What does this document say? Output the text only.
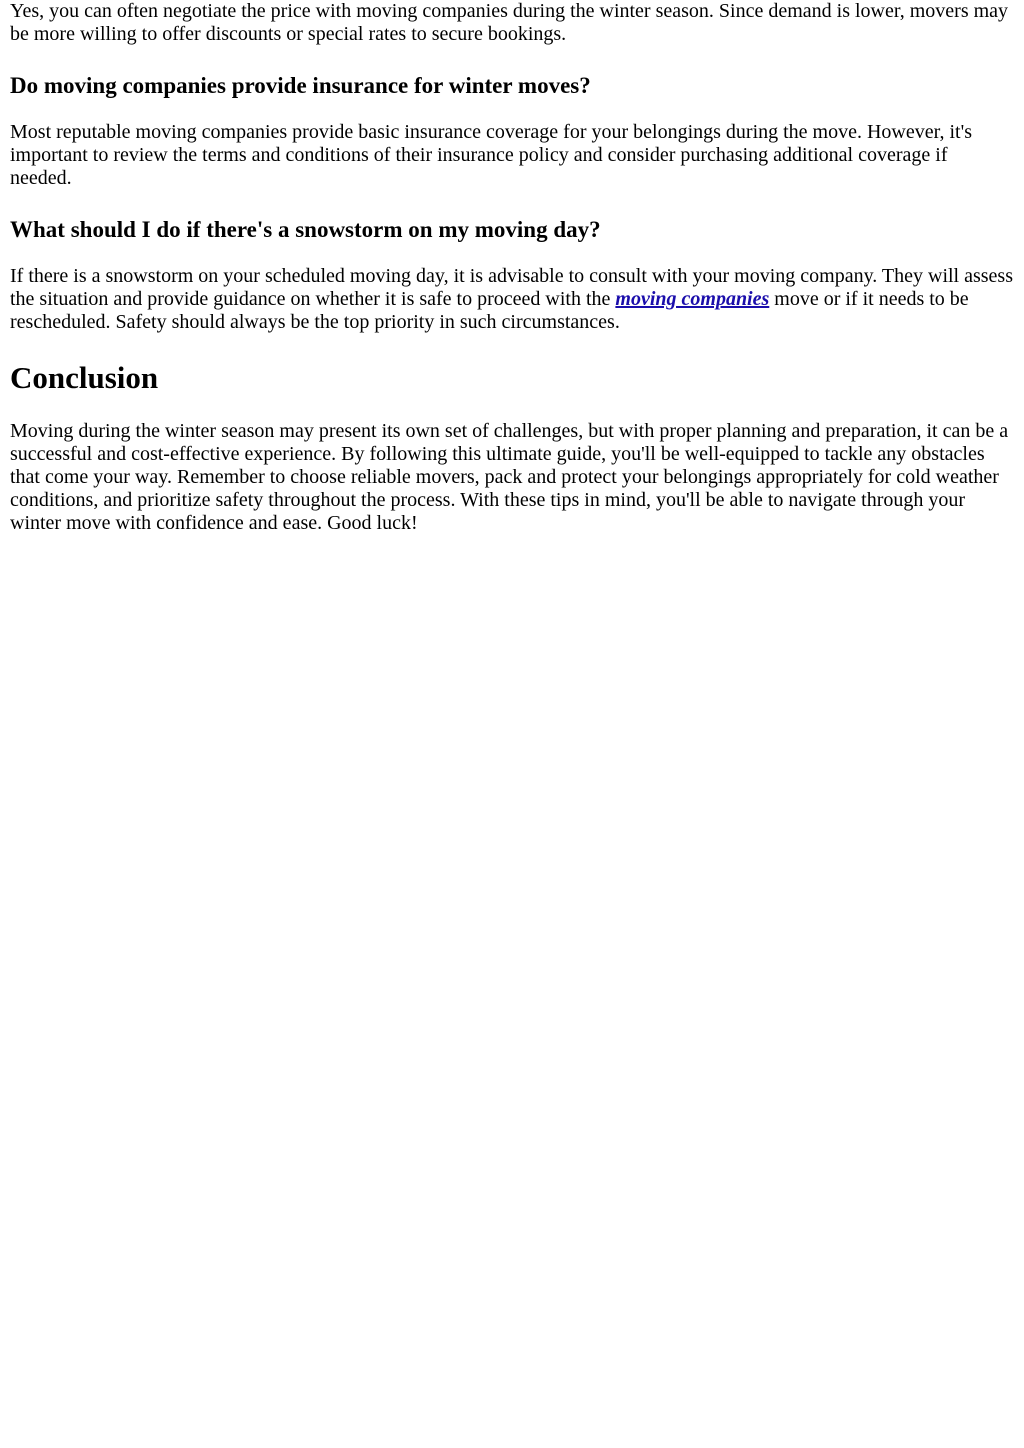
Yes, you can often negotiate the price with moving companies during the winter season. Since demand is lower, movers may be more willing to offer discounts or special rates to secure bookings.

Do moving companies provide insurance for winter moves?

Most reputable moving companies provide basic insurance coverage for your belongings during the move. However, it's important to review the terms and conditions of their insurance policy and consider purchasing additional coverage if needed.

What should I do if there's a snowstorm on my moving day?

If there is a snowstorm on your scheduled moving day, it is advisable to consult with your moving company. They will assess the situation and provide guidance on whether it is safe to proceed with the moving companies move or if it needs to be rescheduled. Safety should always be the top priority in such circumstances.

Conclusion

Moving during the winter season may present its own set of challenges, but with proper planning and preparation, it can be a successful and cost-effective experience. By following this ultimate guide, you'll be well-equipped to tackle any obstacles that come your way. Remember to choose reliable movers, pack and protect your belongings appropriately for cold weather conditions, and prioritize safety throughout the process. With these tips in mind, you'll be able to navigate through your winter move with confidence and ease. Good luck!
